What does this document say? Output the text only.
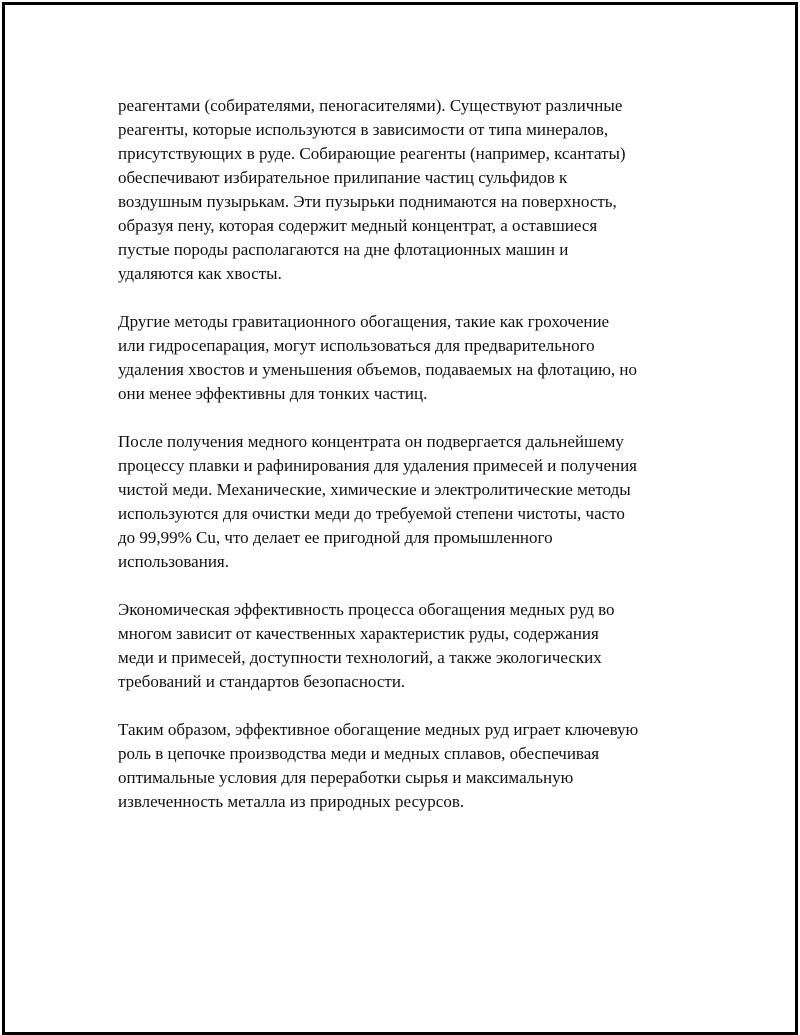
реагентами (собирателями, пеногасителями). Существуют различные
реагенты, которые используются в зависимости от типа минералов,
присутствующих в руде. Собирающие реагенты (например, ксантаты)
обеспечивают избирательное прилипание частиц сульфидов к
воздушным пузырькам. Эти пузырьки поднимаются на поверхность,
образуя пену, которая содержит медный концентрат, а оставшиеся
пустые породы располагаются на дне флотационных машин и
удаляются как хвосты.

Другие методы гравитационного обогащения, такие как грохочение
или гидросепарация, могут использоваться для предварительного
удаления хвостов и уменьшения объемов, подаваемых на флотацию, но
они менее эффективны для тонких частиц.

После получения медного концентрата он подвергается дальнейшему
процессу плавки и рафинирования для удаления примесей и получения
чистой меди. Механические, химические и электролитические методы
используются для очистки меди до требуемой степени чистоты, часто
до 99,99% Cu, что делает ее пригодной для промышленного
использования.

Экономическая эффективность процесса обогащения медных руд во
многом зависит от качественных характеристик руды, содержания
меди и примесей, доступности технологий, а также экологических
требований и стандартов безопасности.

Таким образом, эффективное обогащение медных руд играет ключевую
роль в цепочке производства меди и медных сплавов, обеспечивая
оптимальные условия для переработки сырья и максимальную
извлеченность металла из природных ресурсов.
